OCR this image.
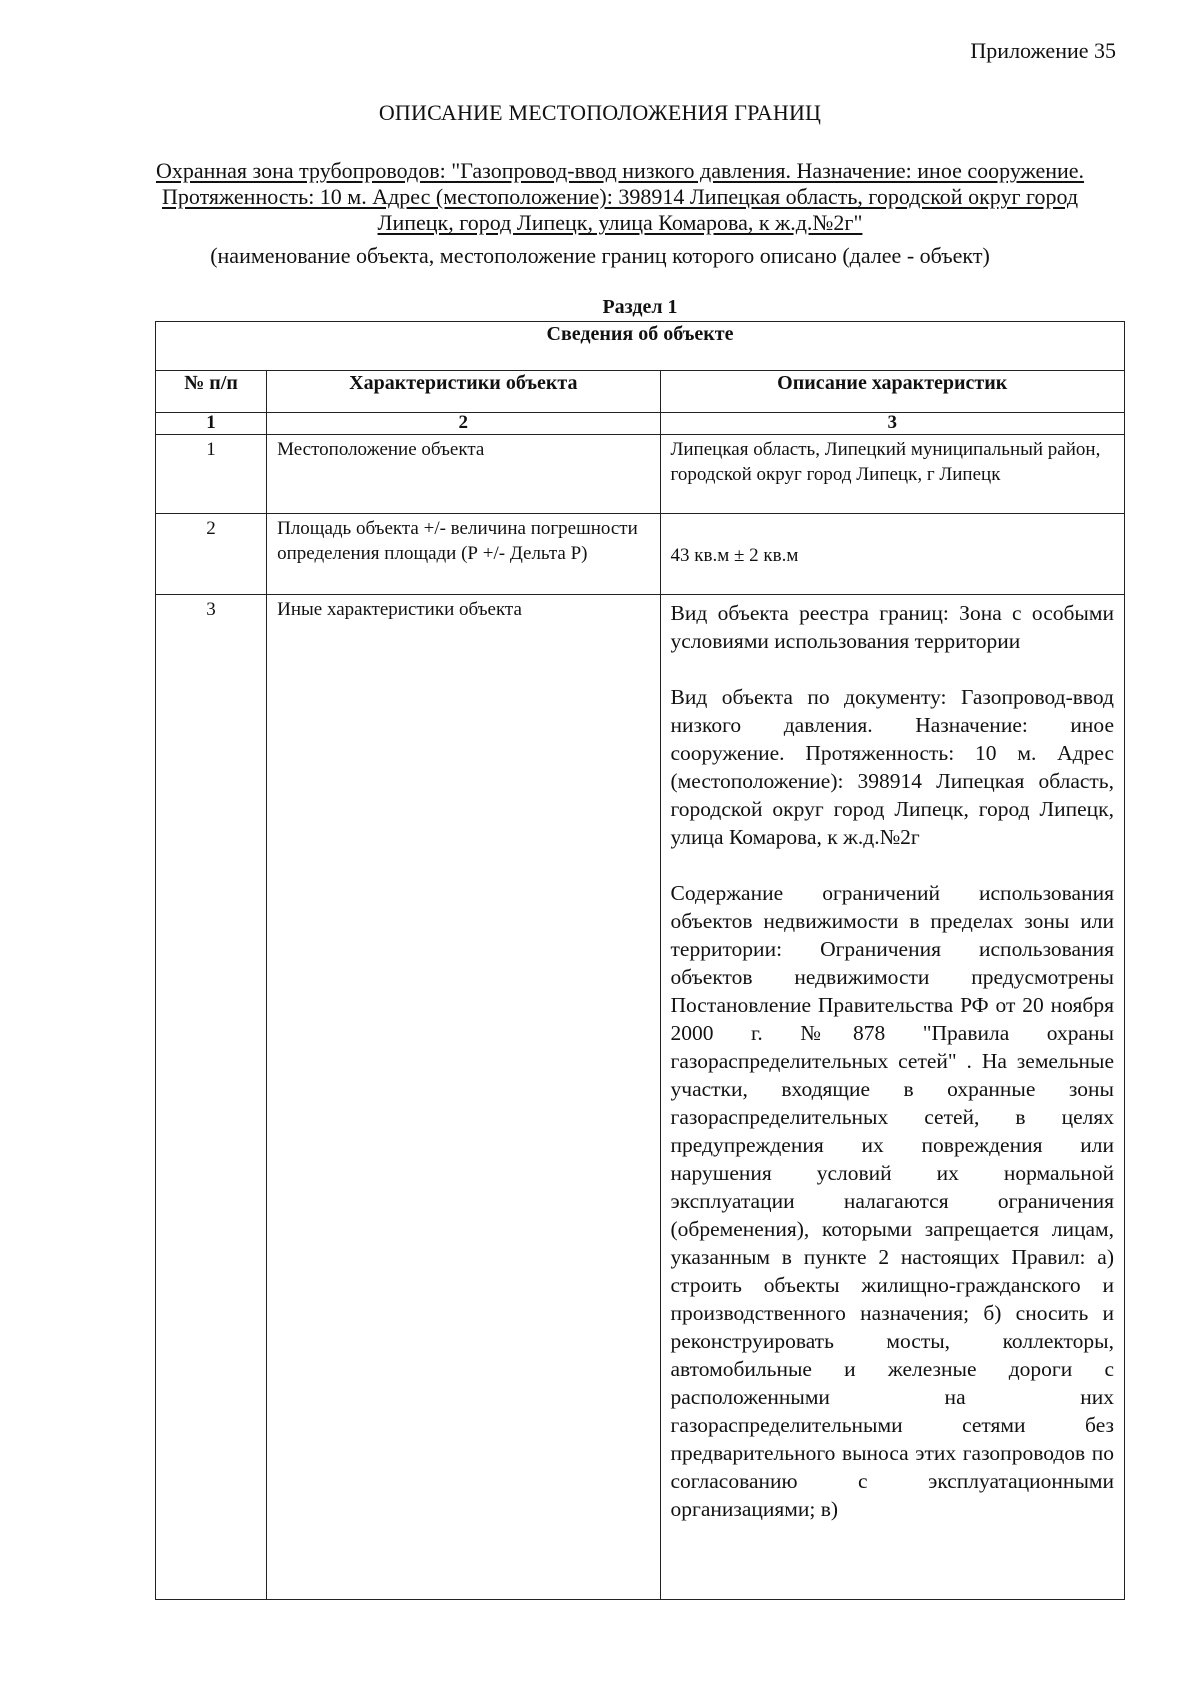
Приложение 35
ОПИСАНИЕ МЕСТОПОЛОЖЕНИЯ ГРАНИЦ
Охранная зона трубопроводов: "Газопровод-ввод низкого давления. Назначение: иное сооружение. Протяженность: 10 м. Адрес (местоположение): 398914 Липецкая область, городской округ город Липецк, город Липецк, улица Комарова, к ж.д.№2г"
(наименование объекта, местоположение границ которого описано (далее - объект)
Раздел 1
Сведения об объекте		
№ п/п	Характеристики объекта	Описание характеристик
1	2	3
1	Местоположение объекта	Липецкая область, Липецкий муниципальный район, городской округ город Липецк, г Липецк
2	Площадь объекта +/- величина погрешности определения площади (Р +/- Дельта Р)	43 кв.м ± 2 кв.м
3	Иные характеристики объекта	Вид объекта реестра границ: Зона с особыми условиями использования территории

Вид объекта по документу: Газопровод-ввод низкого давления. Назначение: иное сооружение. Протяженность: 10 м. Адрес (местоположение): 398914 Липецкая область, городской округ город Липецк, город Липецк, улица Комарова, к ж.д.№2г

Содержание ограничений использования объектов недвижимости в пределах зоны или территории: Ограничения использования объектов недвижимости предусмотрены Постановление Правительства РФ от 20 ноября 2000 г. №878 "Правила охраны газораспределительных сетей" . На земельные участки, входящие в охранные зоны газораспределительных сетей, в целях предупреждения их повреждения или нарушения условий их нормальной эксплуатации налагаются ограничения (обременения), которыми запрещается лицам, указанным в пункте 2 настоящих Правил: а) строить объекты жилищно-гражданского и производственного назначения; б) сносить и реконструировать мосты, коллекторы, автомобильные и железные дороги с расположенными на них газораспределительными сетями без предварительного выноса этих газопроводов по согласованию с эксплуатационными организациями; в)
